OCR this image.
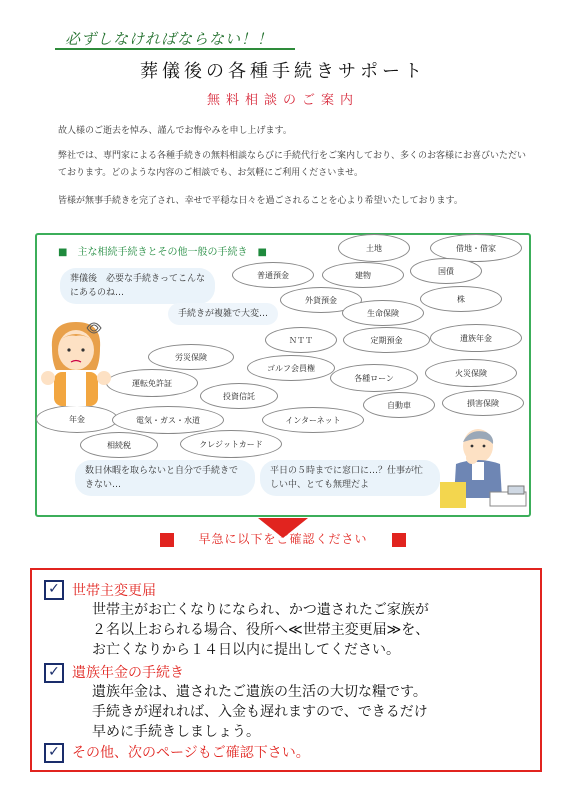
必ずしなければならない！！
葬儀後の各種手続きサポート
無料相談のご案内
故人様のご逝去を悼み、謹んでお悔やみを申し上げます。
弊社では、専門家による各種手続きの無料相談ならびに手続代行をご案内しており、多くのお客様にお喜びいただいております。どのような内容のご相談でも、お気軽にご利用くださいませ。
皆様が無事手続きを完了され、幸せで平穏な日々を過ごされることを心より希望いたしております。
■　主な相続手続きとその他一般の手続き　■	土地	借地・借家
普通預金	建物	国債
外貨預金	株
生命保険
ＮＴＴ	定期預金	遺族年金
労災保険
ゴルフ会員権
各種ローン
火災保険
運転免許証
投資信託
自動車	損害保険
年金	電気・ガス・水道	インターネット
相続税	クレジットカード
葬儀後　必要な手続きってこんなにあるのね…
手続きが複雑で大変…
数日休暇を取らないと自分で手続きできない…
平日の５時までに窓口に…？仕事が忙しい中、とても無理だよ
早急に以下をご確認ください
✓ 世帯主変更届
世帯主がお亡くなりになられ、かつ遺されたご家族が
２名以上おられる場合、役所へ≪世帯主変更届≫を、
お亡くなりから１４日以内に提出してください。
✓ 遺族年金の手続き
遺族年金は、遺されたご遺族の生活の大切な糧です。
手続きが遅れれば、入金も遅れますので、できるだけ
早めに手続きしましょう。
✓ その他、次のページもご確認下さい。
